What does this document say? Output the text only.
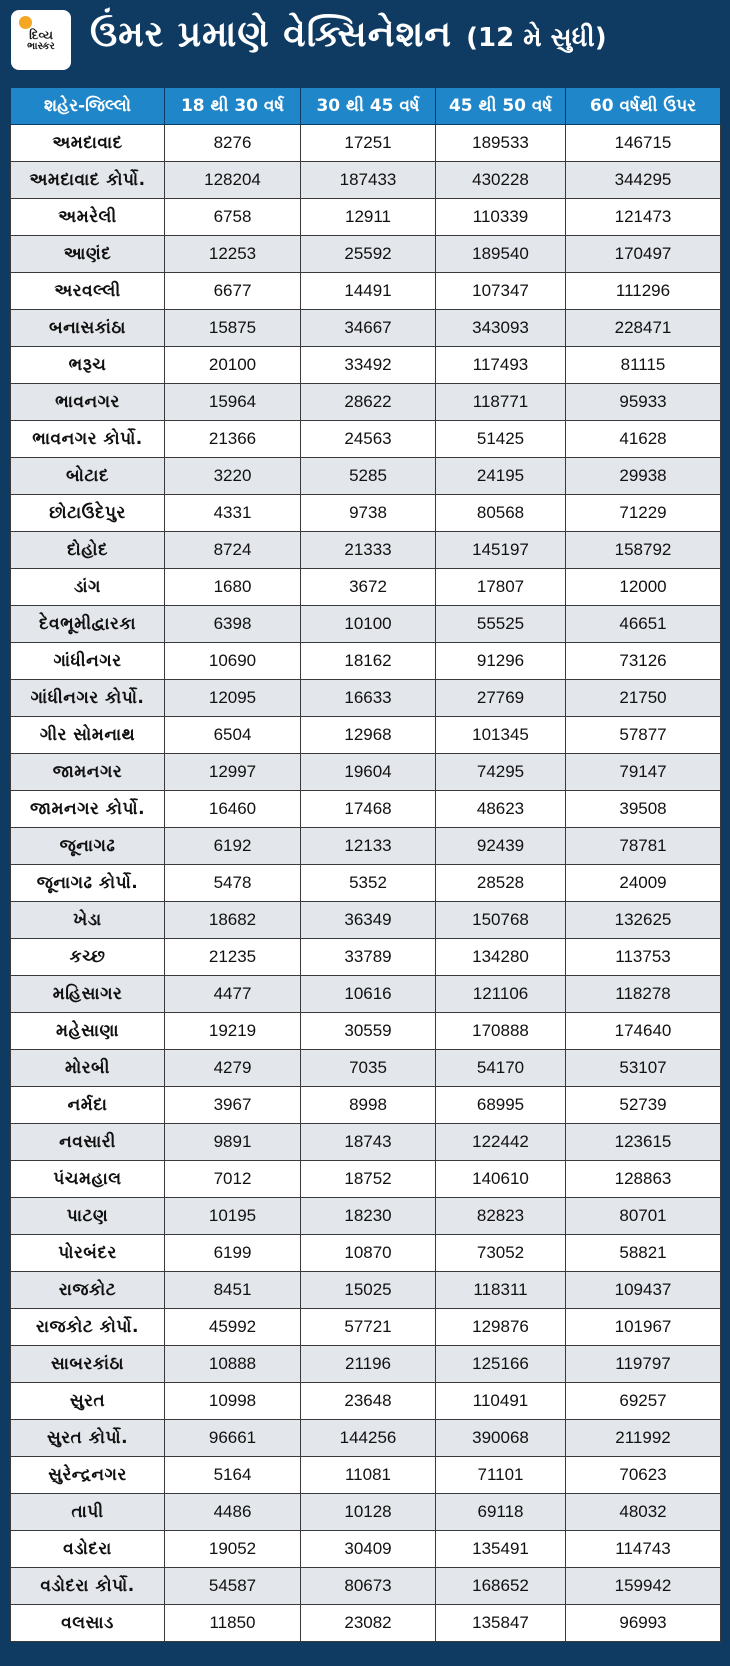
દિવ્ય
ભાસ્કર ઉંમર પ્રમાણે વેક્સિનેશન (12 મે સુધી)
શહેર-જિલ્લો	18 થી 30 વર્ષ	30 થી 45 વર્ષ	45 થી 50 વર્ષ	60 વર્ષથી ઉપર
અમદાવાદ	8276	17251	189533	146715
અમદાવાદ કોર્પો.	128204	187433	430228	344295
અમરેલી	6758	12911	110339	121473
આણંદ	12253	25592	189540	170497
અરવલ્લી	6677	14491	107347	111296
બનાસકાંઠા	15875	34667	343093	228471
ભરૂચ	20100	33492	117493	81115
ભાવનગર	15964	28622	118771	95933
ભાવનગર કોર્પો.	21366	24563	51425	41628
બોટાદ	3220	5285	24195	29938
છોટાઉદેપુર	4331	9738	80568	71229
દોહોદ	8724	21333	145197	158792
ડાંગ	1680	3672	17807	12000
દેવભૂમીદ્વારકા	6398	10100	55525	46651
ગાંધીનગર	10690	18162	91296	73126
ગાંધીનગર કોર્પો.	12095	16633	27769	21750
ગીર સોમનાથ	6504	12968	101345	57877
જામનગર	12997	19604	74295	79147
જામનગર કોર્પો.	16460	17468	48623	39508
જૂનાગઢ	6192	12133	92439	78781
જૂનાગઢ કોર્પો.	5478	5352	28528	24009
ખેડા	18682	36349	150768	132625
કચ્છ	21235	33789	134280	113753
મહિસાગર	4477	10616	121106	118278
મહેસાણા	19219	30559	170888	174640
મોરબી	4279	7035	54170	53107
નર્મદા	3967	8998	68995	52739
નવસારી	9891	18743	122442	123615
પંચમહાલ	7012	18752	140610	128863
પાટણ	10195	18230	82823	80701
પોરબંદર	6199	10870	73052	58821
રાજકોટ	8451	15025	118311	109437
રાજકોટ કોર્પો.	45992	57721	129876	101967
સાબરકાંઠા	10888	21196	125166	119797
સુરત	10998	23648	110491	69257
સુરત કોર્પો.	96661	144256	390068	211992
સુરેન્દ્રનગર	5164	11081	71101	70623
તાપી	4486	10128	69118	48032
વડોદરા	19052	30409	135491	114743
વડોદરા કોર્પો.	54587	80673	168652	159942
વલસાડ	11850	23082	135847	96993
